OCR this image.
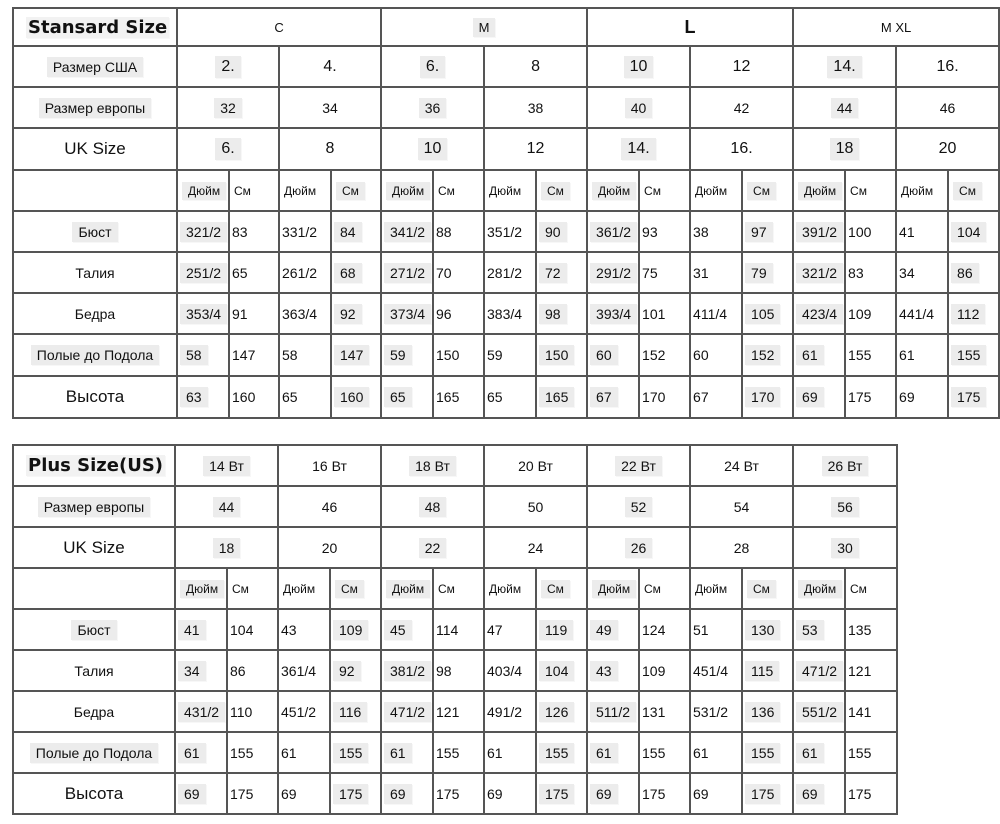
Stansard Size	C				M				L				M XL			
Размер США	2.		4.		6.		8		10		12		14.		16.	
Размер европы	32		34		36		38		40		42		44		46	
UK Size	6.		8		10		12		14.		16.		18		20	
	Дюйм	См	Дюйм	См	Дюйм	См	Дюйм	См	Дюйм	См	Дюйм	См	Дюйм	См	Дюйм	См
Бюст	321/2	83	331/2	84	341/2	88	351/2	90	361/2	93	38	97	391/2	100	41	104
Талия	251/2	65	261/2	68	271/2	70	281/2	72	291/2	75	31	79	321/2	83	34	86
Бедра	353/4	91	363/4	92	373/4	96	383/4	98	393/4	101	411/4	105	423/4	109	441/4	112
Полые до Подола	58	147	58	147	59	150	59	150	60	152	60	152	61	155	61	155
Высота	63	160	65	160	65	165	65	165	67	170	67	170	69	175	69	175
Plus Size(US)	14 Вт		16 Вт		18 Вт		20 Вт		22 Вт		24 Вт		26 Вт	
Размер европы	44		46		48		50		52		54		56	
UK Size	18		20		22		24		26		28		30	
	Дюйм	См	Дюйм	См	Дюйм	См	Дюйм	См	Дюйм	См	Дюйм	См	Дюйм	См
Бюст	41	104	43	109	45	114	47	119	49	124	51	130	53	135
Талия	34	86	361/4	92	381/2	98	403/4	104	43	109	451/4	115	471/2	121
Бедра	431/2	110	451/2	116	471/2	121	491/2	126	511/2	131	531/2	136	551/2	141
Полые до Подола	61	155	61	155	61	155	61	155	61	155	61	155	61	155
Высота	69	175	69	175	69	175	69	175	69	175	69	175	69	175
